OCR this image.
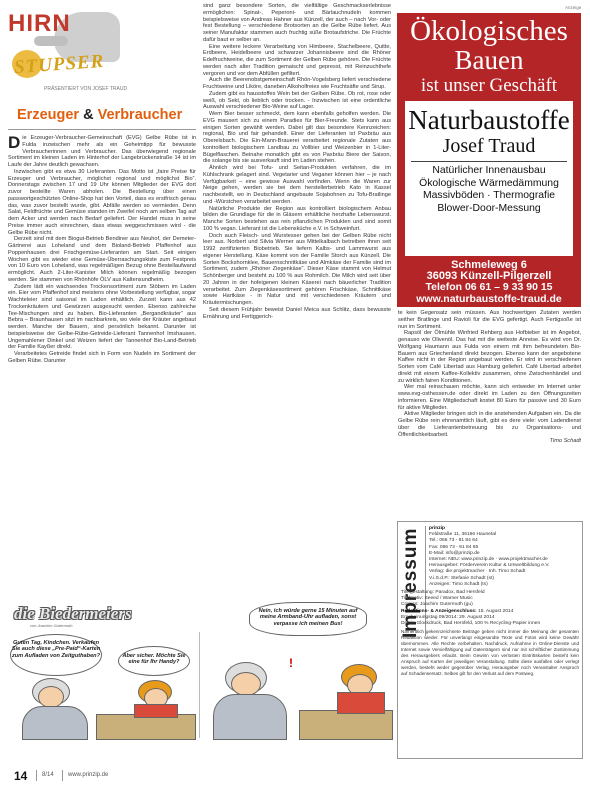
HIRN
STUPSER
PRÄSENTIERT VON JOSEF TRAUD
Erzeuger & Verbraucher

Die Erzeuger-Verbraucher-Gemeinschaft (EVG) Gelbe Rübe ist in Fulda inzwischen mehr als ein Geheimtipp für bewusste Verbraucherinnen und Verbraucher. Das überwiegend regionale Sortiment im kleinen Laden im Hinterhof der Langebrückenstraße 14 ist im Laufe der Jahre deutlich gewachsen.

Inzwischen gibt es etwa 30 Lieferanten. Das Motto ist „faire Preise für Erzeuger und Verbraucher, möglichst regional und möglichst Bio“. Donnerstags zwischen 17 und 19 Uhr können Mitglieder der EVG dort zuvor bestellte Waren abholen. Die Bestellung über einen passwortgeschützten Online-Shop hat den Vorteil, dass es erstfrisch genau das, was zuvor bestellt wurde, gibt. Abfälle werden so vermieden. Denn Salat, Feldfrüchte und Gemüse standen im Zweifel noch am selben Tag auf dem Acker und werden nach Bedarf geliefert. Der Handel muss in seine Preise immer auch einrechnen, dass etwas weggeschmissen wird - die Gelbe Rübe nicht.

Derzeit sind mit dem Biogut-Betrieb Bendiner aus Neuhof, der Demeter-Gärtnerei aus Loheland und dem Bioland-Betrieb Pfaffenhof aus Poppenhausen drei Frischgemüse-Lieferanten am Start. Seit einigen Wochen gibt es wieder eine Gemüse-Überraschungskiste zum Festpreis von 10 Euro von Loheland, was regelmäßigen Bezug ohne Bestellaufwand ermöglicht. Auch 2-Liter-Kanister Milch können regelmäßig bezogen werden. Sie stammen von Rhönhöfe ÖLV aus Kaltensundheim.

Zudem lädt ein wachsendes Trockensortiment zum Stöbern im Laden ein. Eier vom Pfaffenhof sind meistens ohne Vorbestellung verfügbar, sogar Wachteleier sind saisonal im Laden erhältlich. Zurzeit kann aus 42 Trockenkräutern und Gewürzen ausgesucht werden. Ebenso zahlreiche Tee-Mischungen sind zu haben. Bio-Lieferanten „Bergandkräuter“ aus Bebra – Braunhausen sitzt im nachbarkreis, wo viele der Kräuter angebaut werden. Manche der Bauern, sind persönlich bekannt. Darunter ist beispielsweise der Gelbe-Rübe-Getreide-Lieferant Tannenhof Imshausen. Ungemahlener Dinkel und Weizen liefert der Tannenhof Bio-Land-Betrieb der Familie Kayßer direkt.

Verarbeitetes Getreide findet sich in Form von Nudeln im Sortiment der Gelben Rübe. Darunter

sind ganz besondere Sorten, die vielfältige Geschmackserlebnisse ermöglichen: Spinat-, Peperoni- und Bärlauchnudeln kommen beispielsweise von Andreas Hahner aus Künzell, der auch – nach Vor- oder fest Bestellung – verschiedene Brotsorten an die Gelbe Rübe liefert. Aus seiner Manufaktur stammen auch fruchtig süße Brotaufstriche. Die Früchte dafür baut er selber an.

Eine weitere leckere Verarbeitung von Himbeere, Stachelbeere, Quitte, Erdbeere, Heidelbeere und schwarzer Johannisbeere sind die Rhöner Edelfruchtweine, die zum Sortiment der Gelben Rübe gehören. Die Früchte werden nach alter Tradition gemaischt und gepresst, mit Reinzuchthefe vergoren und vor dem Abfüllen gefiltert.

Auch die Beerenobstgemeinschaft Rhön-Vogelsberg liefert verschiedene Fruchtweine und Liköre, daneben Alkoholfreies wie Fruchtsäfte und Sirup.

Zudem gibt es hausstoffes Wein bei der Gelben Rübe. Ob rot, rose oder weiß, ob Sekt, ob lieblich oder trocken. - Inzwischen ist eine ordentliche Auswahl verschiedener Bio-Weine auf Lager.

Wem Bier besser schmeckt, dem kann ebenfalls geholfen werden. Die EVG mausert sich zu einem Paradies für Bier-Freunde. Stets kann aus einigen Sorten gewählt werden. Dabei gilt das besondere Kennzeichen: regional, Bio und fair gehandelt. Einer der Lieferanten ist Paxbräu aus Oberelsbach. Die Ein-Mann-Brauerei verarbeitet regionale Zutaten aus kontrolliert biologischem Landbau zu Vollbier und Weizenbier in 1-Liter-Bügelflaschen. Beinahe monatlich gibt es von Paxbräu Biere der Saison, die solange bis sie ausverkauft sind im Laden stehen.

Ähnlich wird bei Tofu- und Seitan-Produkten verfahren, die im Kühlschrank gelagert sind. Vegetarier und Veganer können hier – je nach Verfügbarkeit – eine gewisse Auswahl vorfinden. Wenn die Waren zur Neige gehen, werden sie bei dem herstellerbetrieb Kato in Kassel nachbestellt, wo in Deutschland angebaute Sojabohnen zu Tofu-Bratlinge und -Würstchen verarbeitet werden.

Natürliche Produkte der Region aus kontrolliert biologischem Anbau bilden die Grundlage für die in Gläsern erhältliche herzhafte Lebenswurst. Manche Sorten bestehen aus rein pflanzlichen Produkten und sind somit 100 % vegan. Lieferant ist die Lebensküche e.V. in Schweinfurt.

Doch auch Fleisch- und Wurstesser gehen bei der Gelben Rübe nicht leer aus. Norbert und Silvia Werner aus Mittelkalbach betreiben ihren seit 1992 zertifizierten Biobetrieb. Sie liefern Kalbs- und Lammwurst aus eigener Herstellung. Käse kommt von der Familie Storch aus Künzell. Die Sorten Bockshornklee, Bauernschnittkäse und Almkäse der Familie sind im Sortiment, zudem „Rhöner Ziegenkäse“. Dieser Käse stammt von Helmut Schönberger und besteht zu 100 % aus Rohmilch. Die Milch wird seit über 20 Jahren in der hofeigenen kleinen Käserei nach bäuerlicher Tradition verarbeitet. Zum Ziegenkäsesortiment gehören Frischkäse, Schnittkäse sowie Hartkäse - in Natur und mit verschiedenen Kräutern und Kräutermischungen.

Seit diesem Frühjahr beweist Daniel Meica aus Schlitz, dass bewusste Ernährung und Fertiggerich-

Anzeige
Ökologisches
Bauen
ist unser Geschäft
Naturbaustoffe
Josef Traud
Natürlicher Innenausbau
Ökologische Wärmedämmung
Massivböden · Thermografie
Blower-Door-Messung
Schmeleweg 6
36093 Künzell-Pilgerzell
Telefon 06 61 – 9 33 90 15
www.naturbaustoffe-traud.de

te kein Gegensatz sein müssen. Aus hochwertigen Zutaten werden seither Bratlinge und Ravioli für die EVG gefertigt. Auch Fertigsoße ist nun im Sortiment.

Rapsöl der Ölmühle Winfried Rehberg aus Hofbieber ist im Angebot, genauso wie Olivenöl. Das hat mit die weiteste Anreise. Es wird von Dr. Wolfgang Haumann aus Fulda von einem mit ihm befreundeten Bio-Bauern aus Griechenland direkt bezogen. Ebenso kann der angebotene Kaffee nicht in der Region angebaut werden. Er wird in verschiedenen Sorten vom Café Libertad aus Hamburg geliefert. Café Libertad arbeitet direkt mit einem Kaffee-Kollektiv zusammen, ohne Zwischenhändel und zu wirklich fairen Konditionen.

Wer mal reinschauen möchte, kann sich entweder im Internet unter www.evg-osthessen.de oder direkt im Laden zu den Öffnungszeiten informieren. Eine Mitgliedschaft kostet 80 Euro für passive und 30 Euro für aktive Mitglieder.

Aktive Mitglieder bringen sich in die anstehenden Aufgaben ein. Da die Gelbe Rübe rein ehrenamtlich läuft, gibt es dere viele: vom Ladendienst über die Lieferantenbetreuung bis zu Organisations- und Öffentlichkeitsarbeit.

Timo Schadt

Impressum prinzip
Feldstraße 11, 36166 Haunetal
Tel.: 066 73 - 91 84 64
Fax: 066 73 - 91 84 65
E-Mail: info@prinzip.de
Internet: NEU: www.prinzip.de · www.projektmacher.de
Herausgeber: Förderverein Kultur & Umweltbildung e.V.
Verlag: die projektmacher · Inh. Timo Schadt
V.i.S.d.P.: Stefanie Schadt (st)
Anzeigen: Timo Schadt (ts)
Titelgestaltung: Paradox, Bad Hersfeld
Titelmotiv: Seeed / Warner Music
Comics: Joachim Gutermuth (gu)
Redaktions- & Anzeigenschluss: 15. August 2014
Erscheinungstag 09/2014: 29. August 2014
Druck: Glockdruck, Bad Hersfeld, 100 % Recycling-Papier innen
Namentlich gekennzeichnete Beiträge geben nicht immer die Meinung der gesamten Redaktion wieder. Für unverlangt eingesandte Texte und Fotos wird keine Gewähr übernommen. Alle Rechte vorbehalten. Nachdruck, Aufnahme in Online-Dienste und Internet sowie Vervielfältigung auf Datenträgern sind nur mit schriftlicher Zustimmung des Herausgebers erlaubt. Beim Gewinn von verlosten Eintrittskarten besteht kein Anspruch auf Karten der jeweiligen Veranstaltung. Sollte diese ausfallen oder verlegt werden, besteht weder gegenüber Verlag, Herausgeber noch Veranstalter Anspruch auf Schadensersatz. Selbes gilt für den Verlust auf dem Postweg.
die Biedermeiers
von Joachim Gutermuth
Guten Tag, Kindchen. Verkaufen Sie auch diese „Pre-Paid“-Karten zum Aufladen von Zeitguthaben?	Aber sicher. Möchte Sie eine für Ihr Handy?
Nein, ich würde gerne 15 Minuten auf meine Armband-Uhr aufladen, sonst verpasse ich meinen Bus!
!
14 8/14 www.prinzip.de
